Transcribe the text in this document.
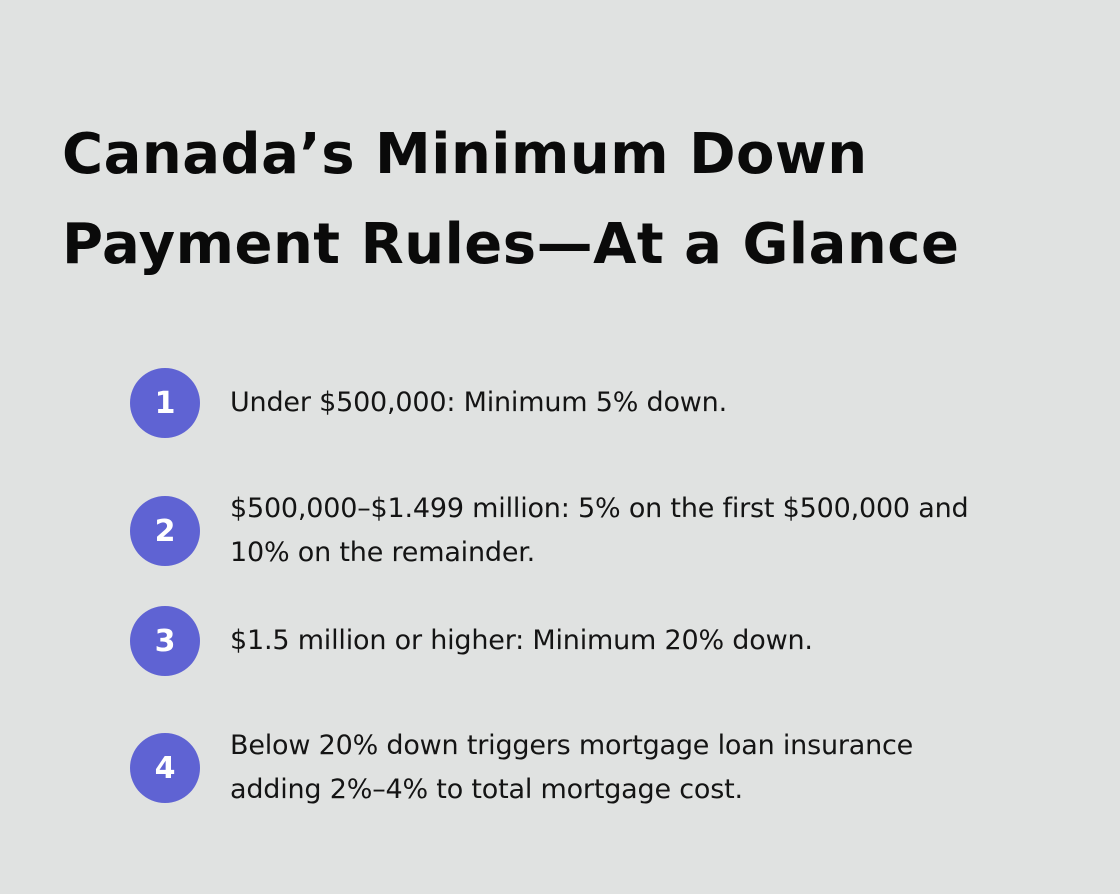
Canada’s Minimum Down
Payment Rules—At a Glance
1	Under $500,000: Minimum 5% down.
2
$500,000–$1.499 million: 5% on the first $500,000 and
10% on the remainder.
3	$1.5 million or higher: Minimum 20% down.
4
Below 20% down triggers mortgage loan insurance
adding 2%–4% to total mortgage cost.
